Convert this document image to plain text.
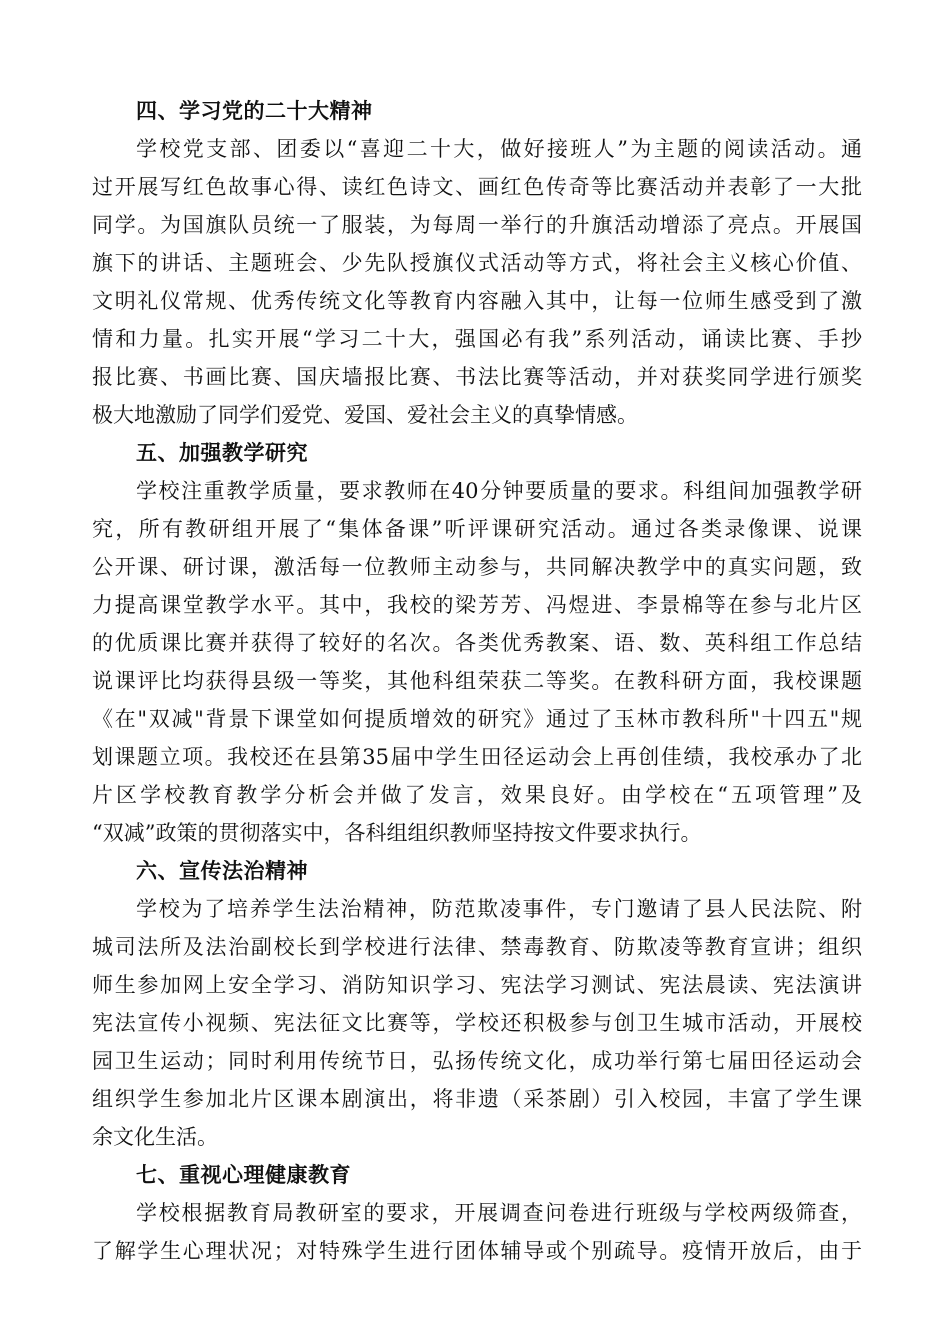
四、学习党的二十大精神
学校党支部、团委以“喜迎二十大，做好接班人”为主题的阅读活动。通
过开展写红色故事心得、读红色诗文、画红色传奇等比赛活动并表彰了一大批
同学。为国旗队员统一了服装，为每周一举行的升旗活动增添了亮点。开展国
旗下的讲话、主题班会、少先队授旗仪式活动等方式，将社会主义核心价值、
文明礼仪常规、优秀传统文化等教育内容融入其中，让每一位师生感受到了激
情和力量。扎实开展“学习二十大，强国必有我”系列活动，诵读比赛、手抄
报比赛、书画比赛、国庆墙报比赛、书法比赛等活动，并对获奖同学进行颁奖
极大地激励了同学们爱党、爱国、爱社会主义的真挚情感。
五、加强教学研究
学校注重教学质量，要求教师在40分钟要质量的要求。科组间加强教学研
究，所有教研组开展了“集体备课”听评课研究活动。通过各类录像课、说课
公开课、研讨课，激活每一位教师主动参与，共同解决教学中的真实问题，致
力提高课堂教学水平。其中，我校的梁芳芳、冯煜进、李景棉等在参与北片区
的优质课比赛并获得了较好的名次。各类优秀教案、语、数、英科组工作总结
说课评比均获得县级一等奖，其他科组荣获二等奖。在教科研方面，我校课题
《在"双减"背景下课堂如何提质增效的研究》通过了玉林市教科所"十四五"规
划课题立项。我校还在县第35届中学生田径运动会上再创佳绩，我校承办了北
片区学校教育教学分析会并做了发言，效果良好。由学校在“五项管理”及
“双减”政策的贯彻落实中，各科组组织教师坚持按文件要求执行。
六、宣传法治精神
学校为了培养学生法治精神，防范欺凌事件，专门邀请了县人民法院、附
城司法所及法治副校长到学校进行法律、禁毒教育、防欺凌等教育宣讲；组织
师生参加网上安全学习、消防知识学习、宪法学习测试、宪法晨读、宪法演讲
宪法宣传小视频、宪法征文比赛等，学校还积极参与创卫生城市活动，开展校
园卫生运动；同时利用传统节日，弘扬传统文化，成功举行第七届田径运动会
组织学生参加北片区课本剧演出，将非遗（采茶剧）引入校园，丰富了学生课
余文化生活。
七、重视心理健康教育
学校根据教育局教研室的要求，开展调查问卷进行班级与学校两级筛查，
了解学生心理状况；对特殊学生进行团体辅导或个别疏导。疫情开放后，由于
